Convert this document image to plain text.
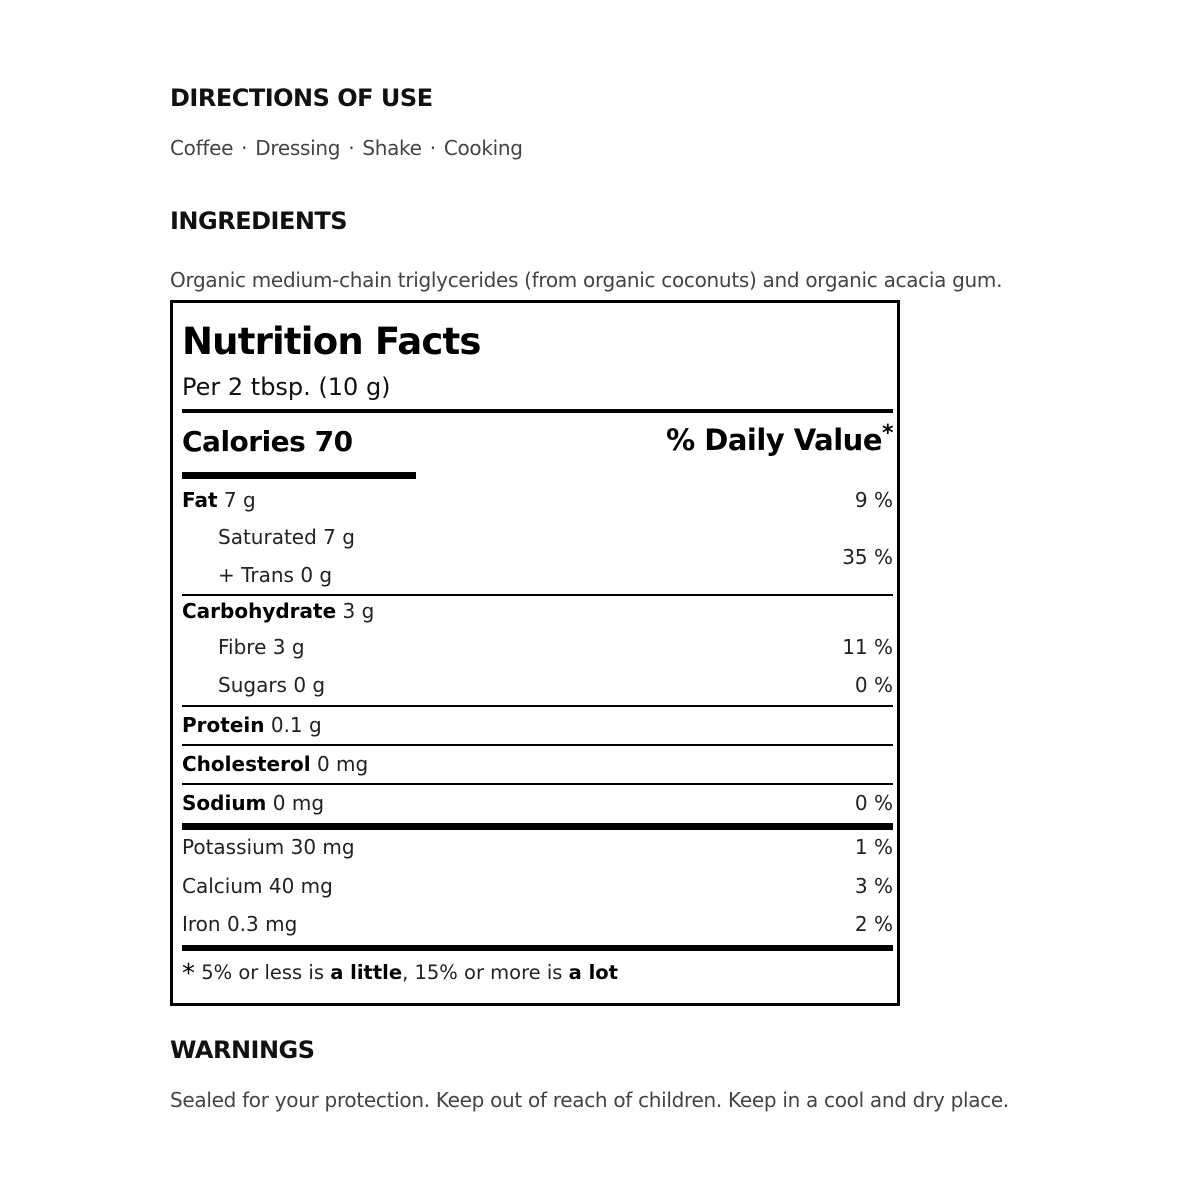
DIRECTIONS OF USE

Coffee · Dressing · Shake · Cooking

INGREDIENTS

Organic medium-chain triglycerides (from organic coconuts) and organic acacia gum.

Nutrition Facts
Per 2 tbsp. (10 g)
Calories 70	% Daily Value*
Fat 7 g	9 %
Saturated 7 g
+ Trans 0 g
35 %
Carbohydrate 3 g
Fibre 3 g	11 %
Sugars 0 g	0 %
Protein 0.1 g
Cholesterol 0 mg
Sodium 0 mg	0 %
Potassium 30 mg	1 %
Calcium 40 mg	3 %
Iron 0.3 mg	2 %
* 5% or less is a little, 15% or more is a lot
WARNINGS

Sealed for your protection. Keep out of reach of children. Keep in a cool and dry place.
